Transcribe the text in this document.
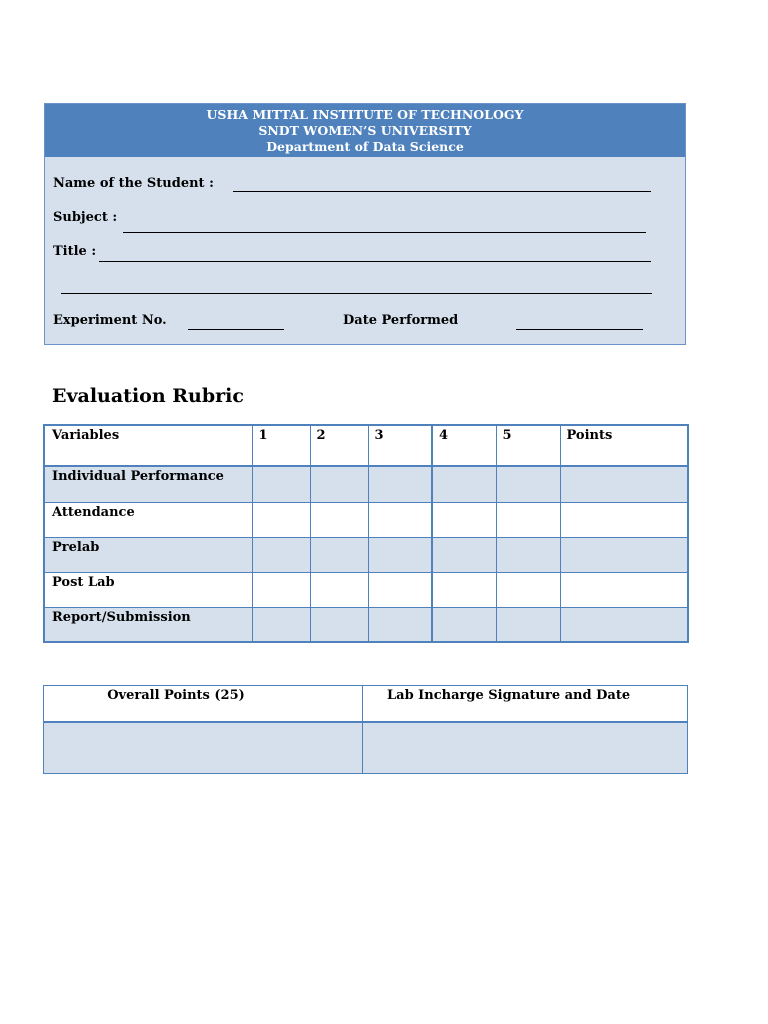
USHA MITTAL INSTITUTE OF TECHNOLOGY
SNDT WOMEN’S UNIVERSITY
Department of Data Science
Name of the Student :
Subject :
Title :
Experiment No.	Date Performed
Evaluation Rubric
Variables	1	2	3	4	5	Points
Individual Performance						
Attendance						
Prelab						
Post Lab						
Report/Submission						
Overall Points (25)	Lab Incharge Signature and Date
